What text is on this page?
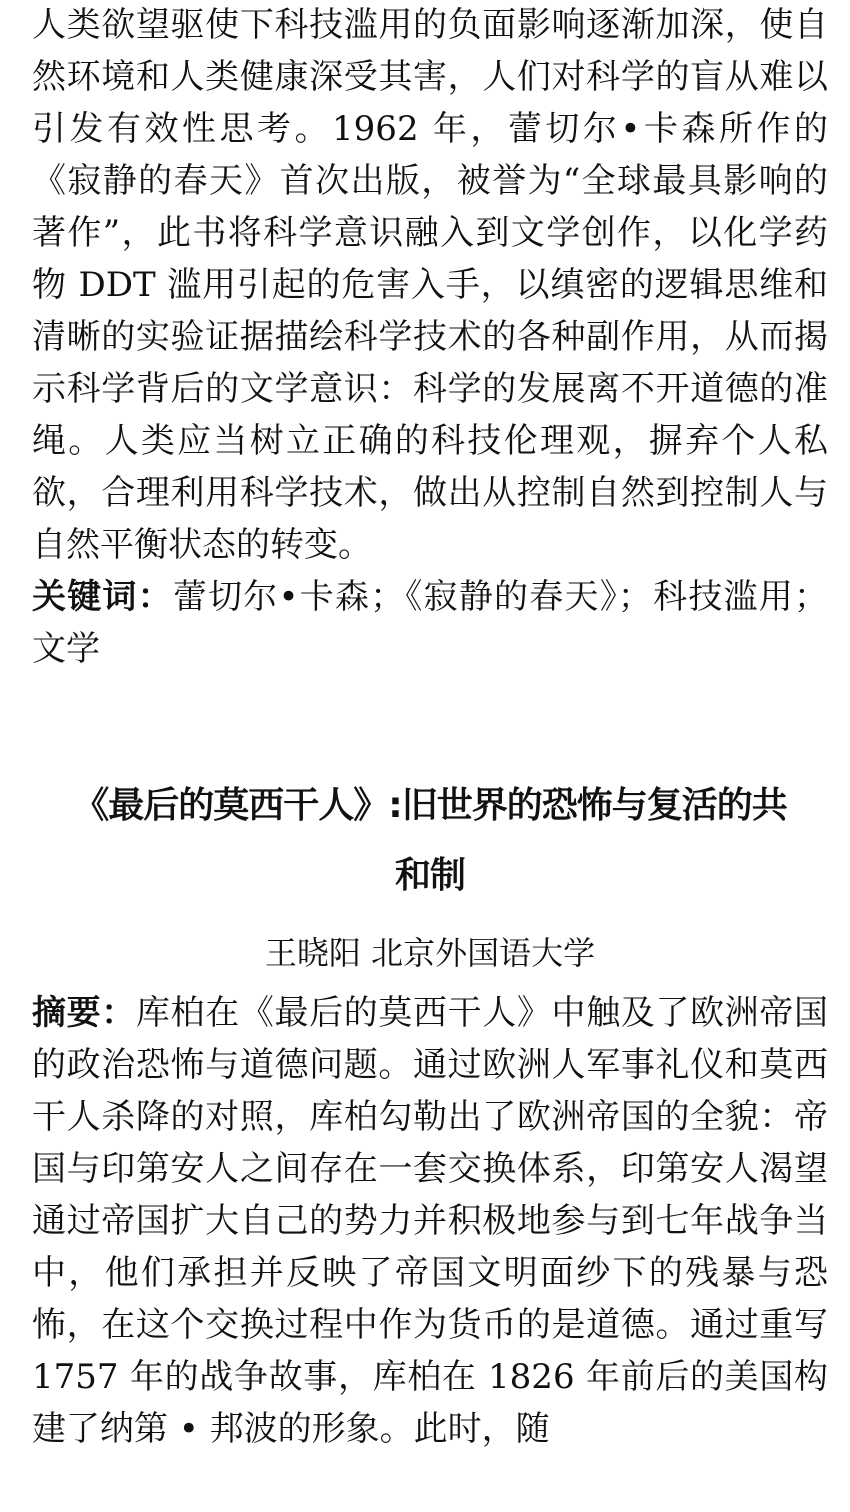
人类欲望驱使下科技滥用的负面影响逐渐加深，使自然环境和人类健康深受其害，人们对科学的盲从难以引发有效性思考。1962 年，蕾切尔•卡森所作的《寂静的春天》首次出版，被誉为“全球最具影响的著作”，此书将科学意识融入到文学创作，以化学药物 DDT 滥用引起的危害入手，以缜密的逻辑思维和清晰的实验证据描绘科学技术的各种副作用，从而揭示科学背后的文学意识：科学的发展离不开道德的准绳。人类应当树立正确的科技伦理观，摒弃个人私欲，合理利用科学技术，做出从控制自然到控制人与自然平衡状态的转变。

关键词：蕾切尔•卡森；《寂静的春天》；科技滥用；文学

《最后的莫西干人》:旧世界的恐怖与复活的共

和制

王晓阳 北京外国语大学

摘要：库柏在《最后的莫西干人》中触及了欧洲帝国的政治恐怖与道德问题。通过欧洲人军事礼仪和莫西干人杀降的对照，库柏勾勒出了欧洲帝国的全貌：帝国与印第安人之间存在一套交换体系，印第安人渴望通过帝国扩大自己的势力并积极地参与到七年战争当中，他们承担并反映了帝国文明面纱下的残暴与恐怖，在这个交换过程中作为货币的是道德。通过重写 1757 年的战争故事，库柏在 1826 年前后的美国构建了纳第 • 邦波的形象。此时，随
